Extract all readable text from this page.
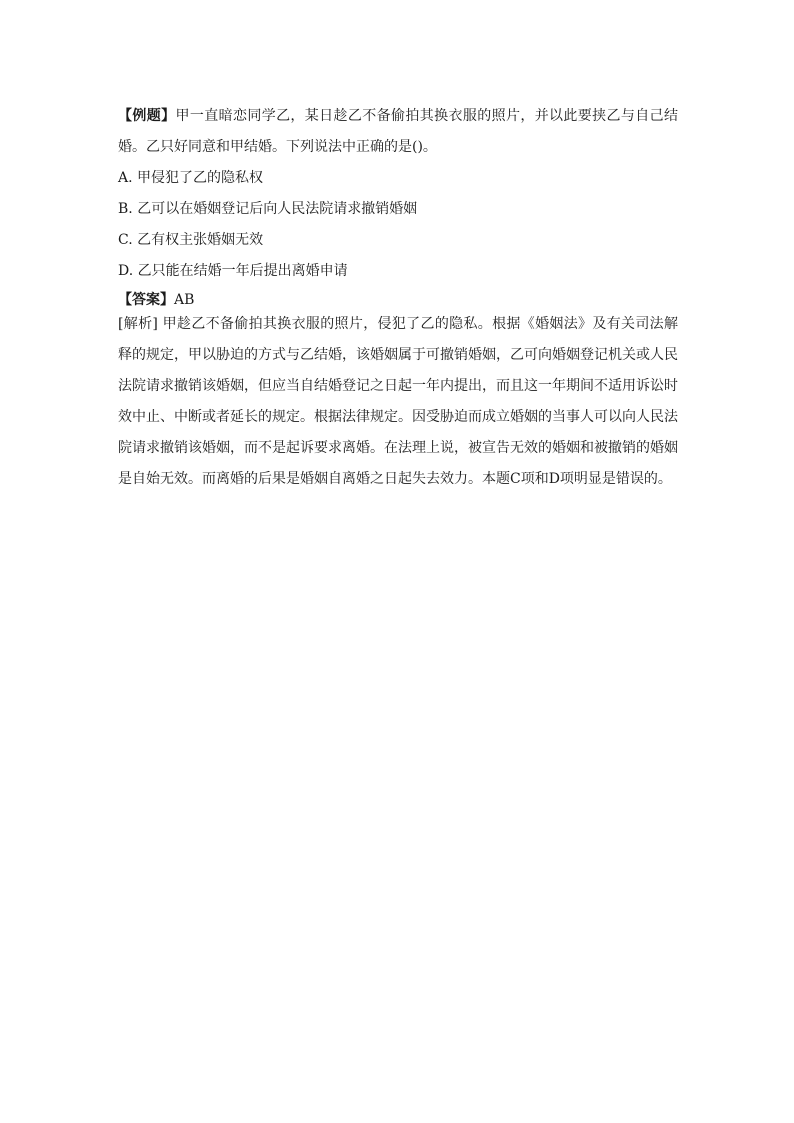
【例题】甲一直暗恋同学乙，某日趁乙不备偷拍其换衣服的照片，并以此要挟乙与自己结婚。乙只好同意和甲结婚。下列说法中正确的是()。

A. 甲侵犯了乙的隐私权

B. 乙可以在婚姻登记后向人民法院请求撤销婚姻

C. 乙有权主张婚姻无效

D. 乙只能在结婚一年后提出离婚申请

【答案】AB

[解析] 甲趁乙不备偷拍其换衣服的照片，侵犯了乙的隐私。根据《婚姻法》及有关司法解释的规定，甲以胁迫的方式与乙结婚，该婚姻属于可撤销婚姻，乙可向婚姻登记机关或人民法院请求撤销该婚姻，但应当自结婚登记之日起一年内提出，而且这一年期间不适用诉讼时效中止、中断或者延长的规定。根据法律规定。因受胁迫而成立婚姻的当事人可以向人民法院请求撤销该婚姻，而不是起诉要求离婚。在法理上说，被宣告无效的婚姻和被撤销的婚姻是自始无效。而离婚的后果是婚姻自离婚之日起失去效力。本题C项和D项明显是错误的。
